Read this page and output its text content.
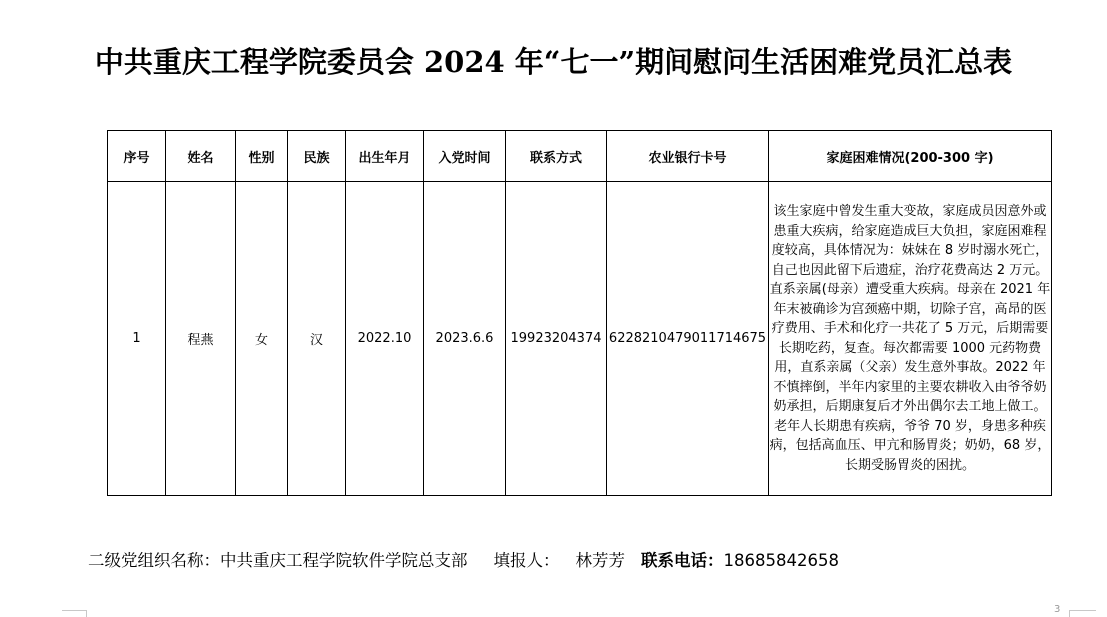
中共重庆工程学院委员会 2024 年“七一”期间慰问生活困难党员汇总表
序号	姓名	性别	民族	出生年月	入党时间	联系方式	农业银行卡号	家庭困难情况(200-300 字)
1	程燕	女	汉	2022.10	2023.6.6	19923204374	6228210479011714675	该生家庭中曾发生重大变故，家庭成员因意外或患重大疾病，给家庭造成巨大负担，家庭困难程度较高，具体情况为：妹妹在 8 岁时溺水死亡，自己也因此留下后遗症，治疗花费高达 2 万元。直系亲属(母亲）遭受重大疾病。母亲在 2021 年年末被确诊为宫颈癌中期，切除子宫，高昂的医疗费用、手术和化疗一共花了 5 万元，后期需要长期吃药，复查。每次都需要 1000 元药物费用，直系亲属（父亲）发生意外事故。2022 年不慎摔倒，半年内家里的主要农耕收入由爷爷奶奶承担，后期康复后才外出偶尔去工地上做工。老年人长期患有疾病，爷爷 70 岁，身患多种疾病，包括高血压、甲亢和肠胃炎；奶奶，68 岁，长期受肠胃炎的困扰。
二级党组织名称：中共重庆工程学院软件学院总支部 填报人： 林芳芳 联系电话：18685842658
3
